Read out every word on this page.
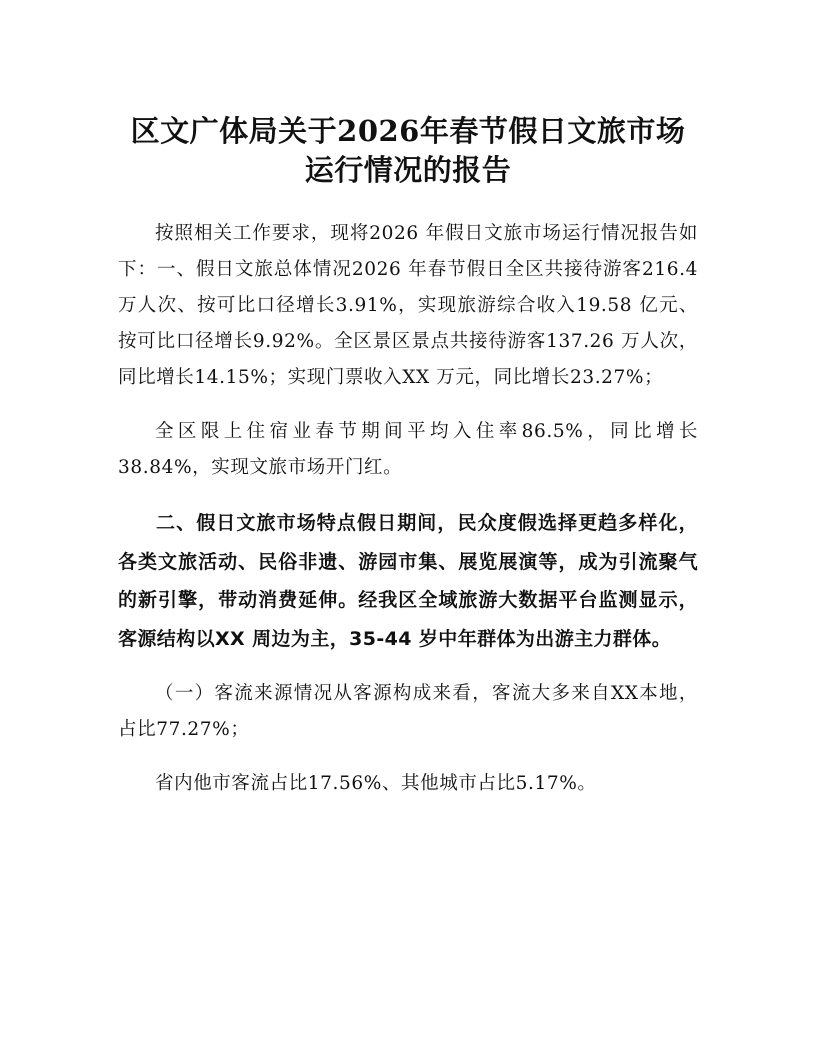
区文广体局关于2026年春节假日文旅市场运行情况的报告

按照相关工作要求，现将2026 年假日文旅市场运行情况报告如下：一、假日文旅总体情况2026 年春节假日全区共接待游客216.4 万人次、按可比口径增长3.91%，实现旅游综合收入19.58 亿元、按可比口径增长9.92%。全区景区景点共接待游客137.26 万人次，同比增长14.15%；实现门票收入XX 万元，同比增长23.27%；

全区限上住宿业春节期间平均入住率86.5%，同比增长38.84%，实现文旅市场开门红。

二、假日文旅市场特点假日期间，民众度假选择更趋多样化，各类文旅活动、民俗非遗、游园市集、展览展演等，成为引流聚气的新引擎，带动消费延伸。经我区全域旅游大数据平台监测显示，客源结构以XX 周边为主，35-44 岁中年群体为出游主力群体。

（一）客流来源情况从客源构成来看，客流大多来自XX本地，占比77.27%；

省内他市客流占比17.56%、其他城市占比5.17%。
